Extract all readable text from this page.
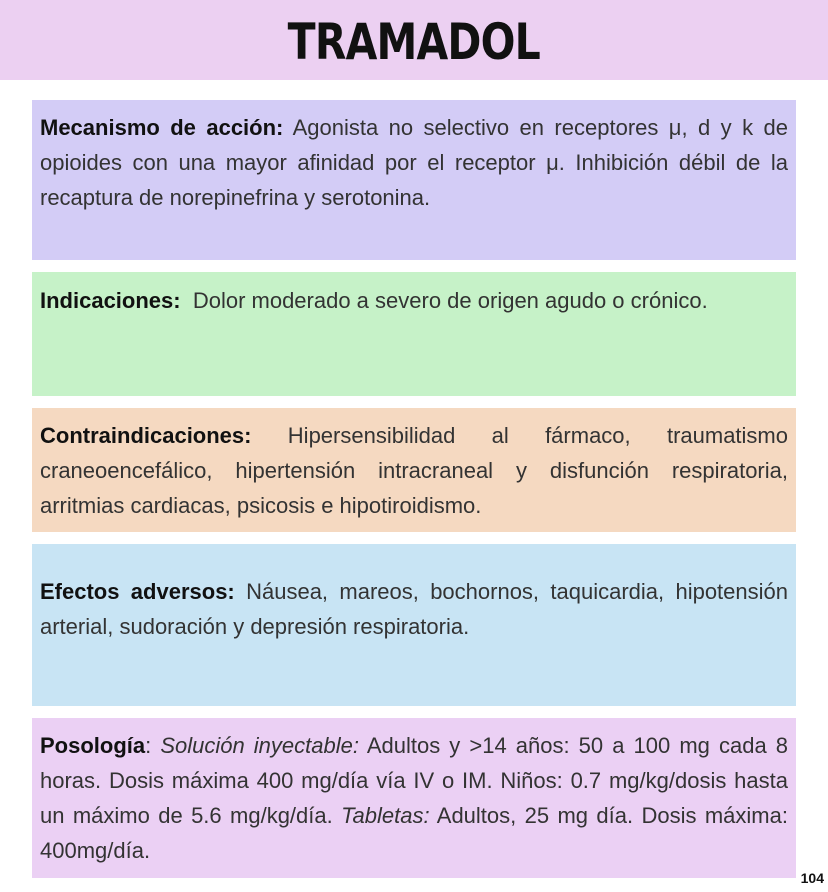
TRAMADOL
Mecanismo de acción: Agonista no selectivo en receptores μ, d y k de opioides con una mayor afinidad por el receptor μ. Inhibición débil de la recaptura de norepinefrina y serotonina.
Indicaciones:  Dolor moderado a severo de origen agudo o crónico.
Contraindicaciones: Hipersensibilidad al fármaco, traumatismo craneoencefálico, hipertensión intracraneal y disfunción respiratoria, arritmias cardiacas, psicosis e hipotiroidismo.
Efectos adversos: Náusea, mareos, bochornos, taquicardia, hipotensión arterial, sudoración y depresión respiratoria.
Posología: Solución inyectable: Adultos y >14 años: 50 a 100 mg cada 8 horas. Dosis máxima 400 mg/día vía IV o IM. Niños: 0.7 mg/kg/dosis hasta un máximo de 5.6 mg/kg/día. Tabletas: Adultos, 25 mg día. Dosis máxima: 400mg/día.
104
